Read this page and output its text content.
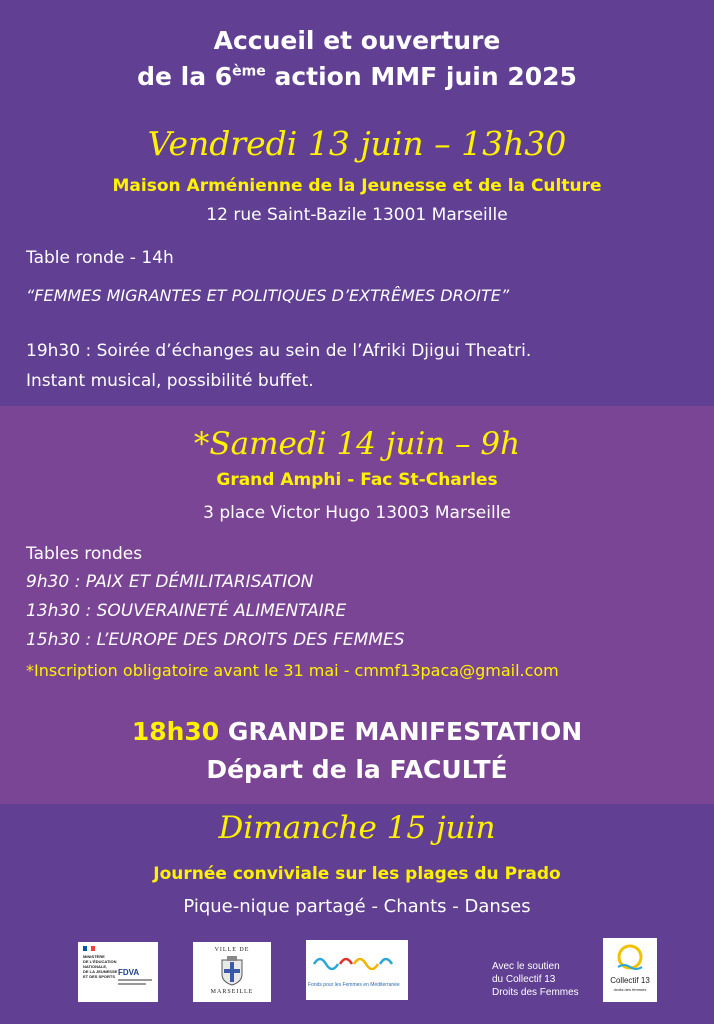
Accueil et ouverture
de la 6ème action MMF juin 2025
Vendredi 13 juin – 13h30
Maison Arménienne de la Jeunesse et de la Culture
12 rue Saint-Bazile 13001 Marseille
Table ronde - 14h
“FEMMES MIGRANTES ET POLITIQUES D’EXTRÊMES DROITE”
19h30 : Soirée d’échanges au sein de l’Afriki Djigui Theatri.
Instant musical, possibilité buffet.
*Samedi 14 juin – 9h
Grand Amphi - Fac St-Charles
3 place Victor Hugo 13003 Marseille
Tables rondes
9h30 : PAIX ET DÉMILITARISATION
13h30 : SOUVERAINETÉ ALIMENTAIRE
15h30 : L’EUROPE DES DROITS DES FEMMES
*Inscription obligatoire avant le 31 mai - cmmf13paca@gmail.com
18h30 GRANDE MANIFESTATION
Départ de la FACULTÉ
Dimanche 15 juin
Journée conviviale sur les plages du Prado
Pique-nique partagé - Chants - Danses
MINISTÈRE
DE L'ÉDUCATION
NATIONALE,
DE LA JEUNESSE
ET DES SPORTS FDVA
VILLE DE
MARSEILLE
Fonds pour les Femmes en Méditerranée
Avec le soutien
du Collectif 13
Droits des Femmes
Collectif 13
droits des femmes
